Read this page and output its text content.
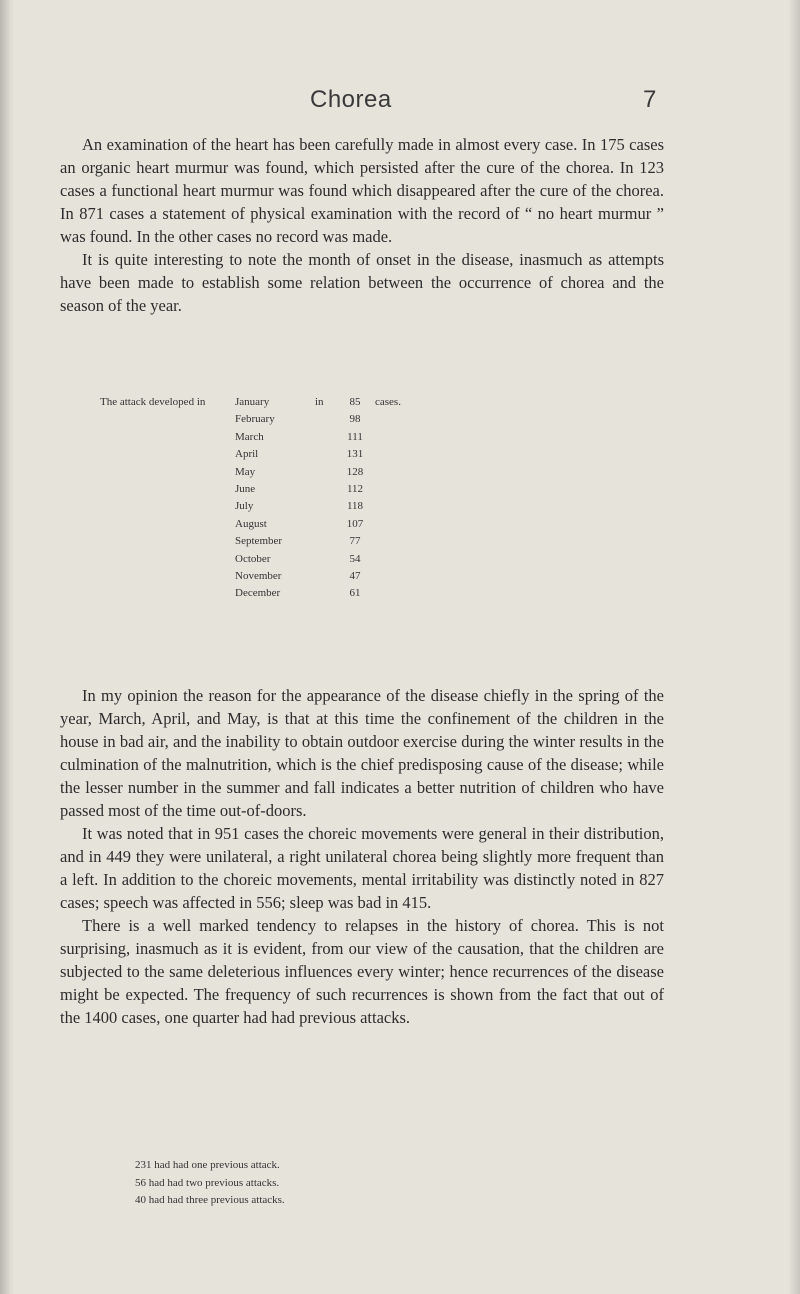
Chorea	7

An examination of the heart has been carefully made in almost every case. In 175 cases an organic heart murmur was found, which persisted after the cure of the chorea. In 123 cases a functional heart murmur was found which disappeared after the cure of the chorea. In 871 cases a statement of physical examination with the record of “ no heart murmur ” was found. In the other cases no record was made.

It is quite interesting to note the month of onset in the disease, inasmuch as attempts have been made to establish some relation between the occurrence of chorea and the season of the year.

The attack developed in	January	in	85	cases.
February	98
March	111
April	131
May	128
June	112
July	118
August	107
September	77
October	54
November	47
December	61

In my opinion the reason for the appearance of the disease chiefly in the spring of the year, March, April, and May, is that at this time the confinement of the children in the house in bad air, and the inability to obtain outdoor exercise during the winter results in the culmination of the malnutrition, which is the chief predisposing cause of the disease; while the lesser number in the summer and fall indicates a better nutrition of children who have passed most of the time out-of-doors.

It was noted that in 951 cases the choreic movements were general in their distribution, and in 449 they were unilateral, a right unilateral chorea being slightly more frequent than a left. In addition to the choreic movements, mental irritability was distinctly noted in 827 cases; speech was affected in 556; sleep was bad in 415.

There is a well marked tendency to relapses in the history of chorea. This is not surprising, inasmuch as it is evident, from our view of the causation, that the children are subjected to the same deleterious influences every winter; hence recurrences of the disease might be expected. The frequency of such recurrences is shown from the fact that out of the 1400 cases, one quarter had had previous attacks.

231 had had one previous attack.
56 had had two previous attacks.
40 had had three previous attacks.
